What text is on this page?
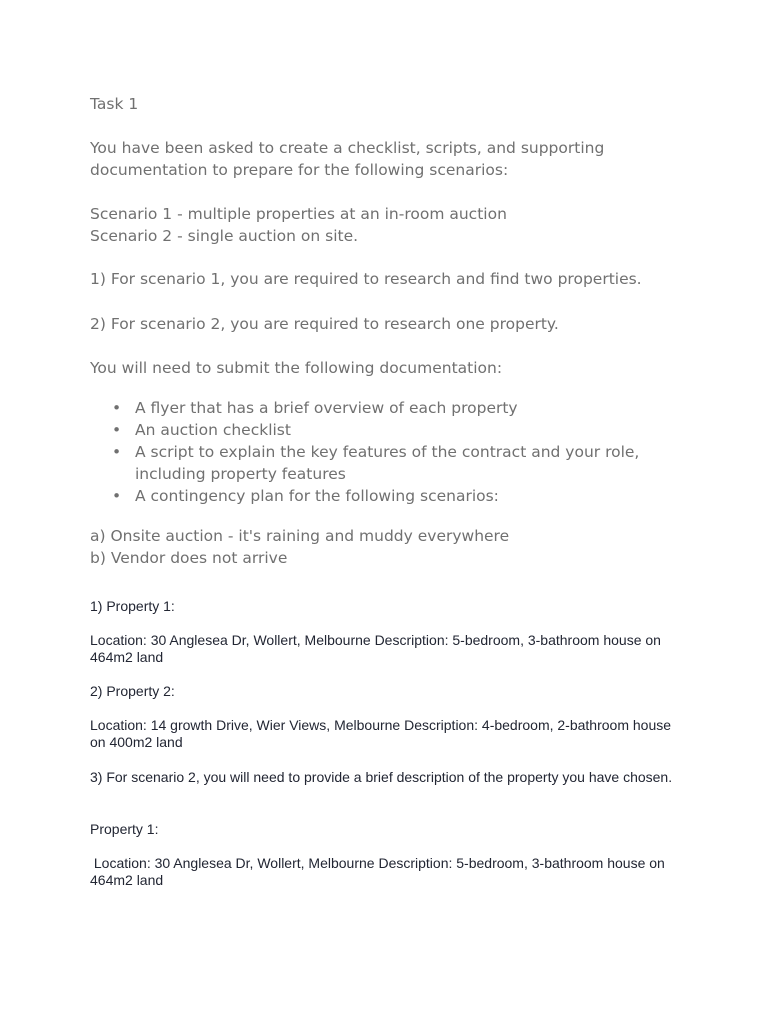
Task 1

You have been asked to create a checklist, scripts, and supporting documentation to prepare for the following scenarios:

Scenario 1 - multiple properties at an in-room auction

Scenario 2 - single auction on site.

1) For scenario 1, you are required to research and find two properties.

2) For scenario 2, you are required to research one property.

You will need to submit the following documentation:

• A flyer that has a brief overview of each property
• An auction checklist
• A script to explain the key features of the contract and your role, including property features
• A contingency plan for the following scenarios:

a) Onsite auction - it's raining and muddy everywhere

b) Vendor does not arrive

1) Property 1:

Location: 30 Anglesea Dr, Wollert, Melbourne Description: 5-bedroom, 3-bathroom house on 464m2 land

2) Property 2:

Location: 14 growth Drive, Wier Views, Melbourne Description: 4-bedroom, 2-bathroom house on 400m2 land

3) For scenario 2, you will need to provide a brief description of the property you have chosen.

Property 1:

Location: 30 Anglesea Dr, Wollert, Melbourne Description: 5-bedroom, 3-bathroom house on 464m2 land
